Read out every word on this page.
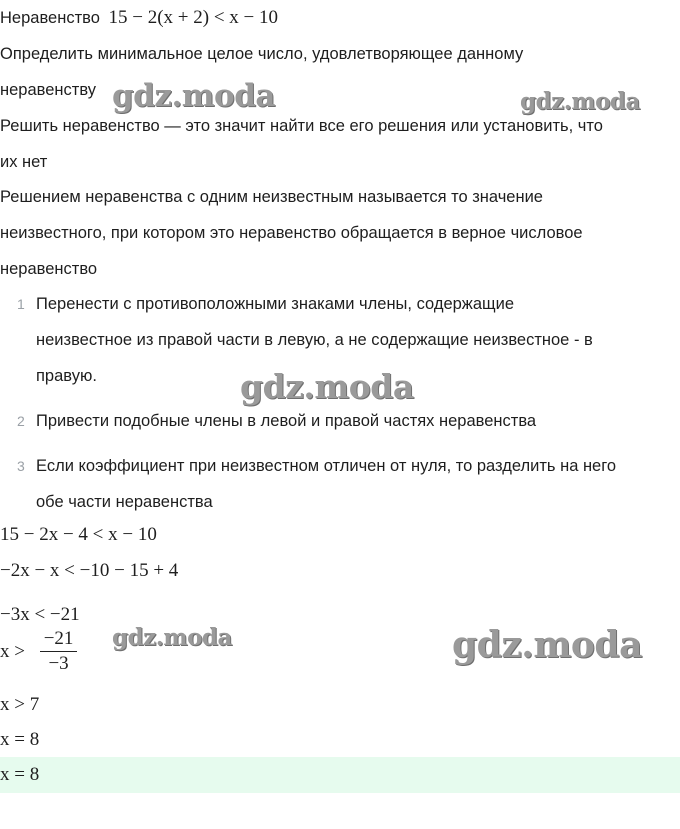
Неравенство 15 − 2(x + 2) < x − 10
Определить минимальное целое число, удовлетворяющее данному
неравенству
Решить неравенство — это значит найти все его решения или установить, что
их нет
Решением неравенства с одним неизвестным называется то значение
неизвестного, при котором это неравенство обращается в верное числовое
неравенство
1 Перенести с противоположными знаками члены, содержащие
неизвестное из правой части в левую, а не содержащие неизвестное - в
правую.
2 Привести подобные члены в левой и правой частях неравенства
3 Если коэффициент при неизвестном отличен от нуля, то разделить на него
обе части неравенства
15 − 2x − 4 < x − 10
−2x − x < −10 − 15 + 4
−3x < −21
$x > \frac{-21}{-3}$
x > 7
x = 8
x = 8
gdz.moda	gdz.moda
gdz.moda
gdz.moda	gdz.moda
